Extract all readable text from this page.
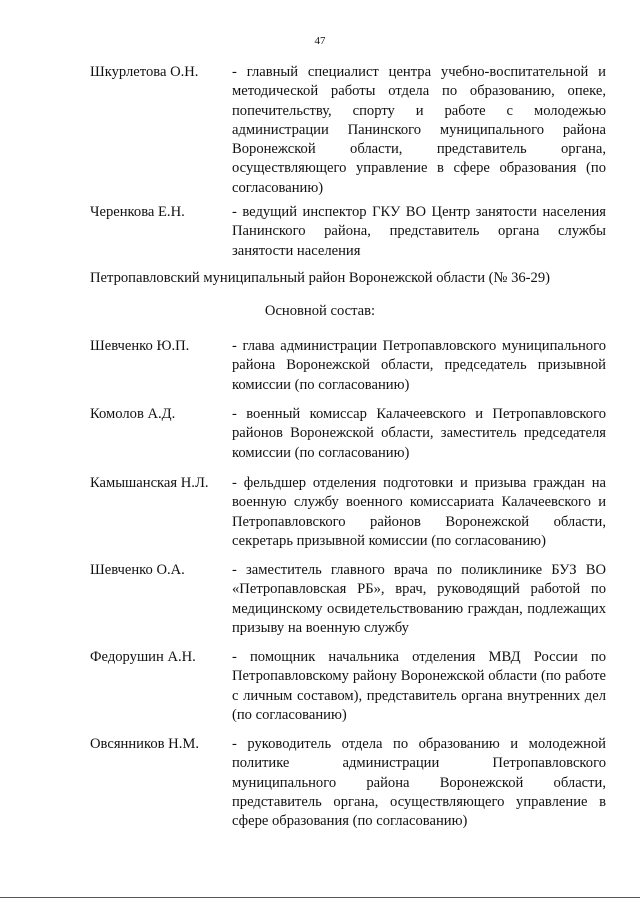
47
Шкурлетова О.Н.	- главный специалист центра учебно-воспитательной и методической работы отдела по образованию, опеке, попечительству, спорту и работе с молодежью администрации Панинского муниципального района Воронежской области, представитель органа, осуществляющего управление в сфере образования (по согласованию)
Черенкова Е.Н.	- ведущий инспектор ГКУ ВО Центр занятости населения Панинского района, представитель органа службы занятости населения
Петропавловский муниципальный район Воронежской области (№ 36-29)
Основной состав:
Шевченко Ю.П.	- глава администрации Петропавловского муниципального района Воронежской области, председатель призывной комиссии (по согласованию)
Комолов А.Д.	- военный комиссар Калачеевского и Петропавловского районов Воронежской области, заместитель председателя комиссии (по согласованию)
Камышанская Н.Л.	- фельдшер отделения подготовки и призыва граждан на военную службу военного комиссариата Калачеевского и Петропавловского районов Воронежской области, секретарь призывной комиссии (по согласованию)
Шевченко О.А.	- заместитель главного врача по поликлинике БУЗ ВО «Петропавловская РБ», врач, руководящий работой по медицинскому освидетельствованию граждан, подлежащих призыву на военную службу
Федорушин А.Н.	- помощник начальника отделения МВД России по Петропавловскому району Воронежской области (по работе с личным составом), представитель органа внутренних дел (по согласованию)
Овсянников Н.М.	- руководитель отдела по образованию и молодежной политике администрации Петропавловского муниципального района Воронежской области, представитель органа, осуществляющего управление в сфере образования (по согласованию)
